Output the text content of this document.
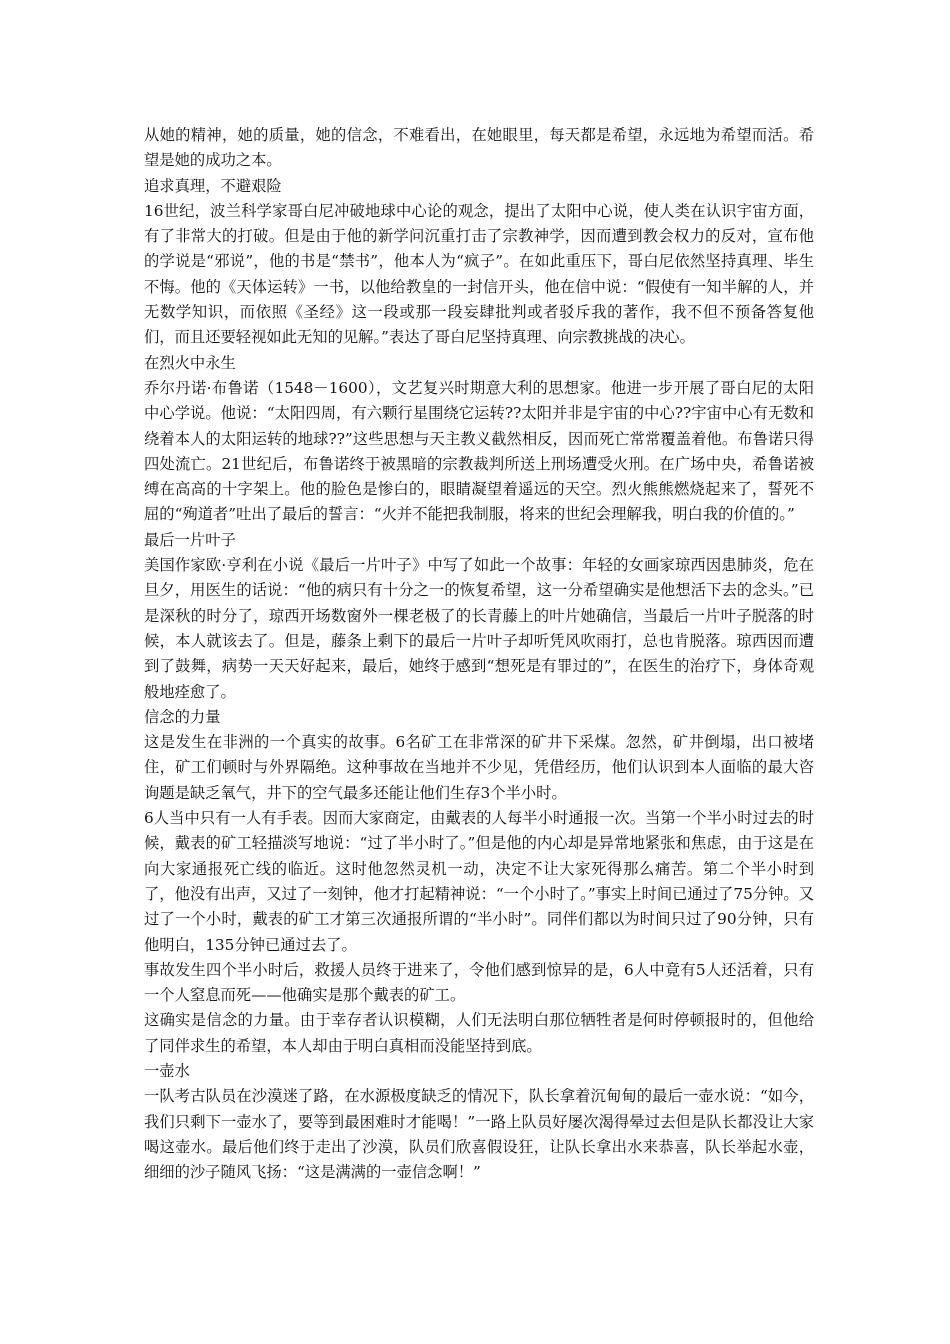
从她的精神，她的质量，她的信念，不难看出，在她眼里，每天都是希望，永远地为希望而活。希望是她的成功之本。

追求真理，不避艰险

16世纪，波兰科学家哥白尼冲破地球中心论的观念，提出了太阳中心说，使人类在认识宇宙方面，有了非常大的打破。但是由于他的新学问沉重打击了宗教神学，因而遭到教会权力的反对，宣布他的学说是“邪说”，他的书是“禁书”，他本人为“疯子”。在如此重压下，哥白尼依然坚持真理、毕生不悔。他的《天体运转》一书，以他给教皇的一封信开头，他在信中说：“假使有一知半解的人，并无数学知识，而依照《圣经》这一段或那一段妄肆批判或者驳斥我的著作，我不但不预备答复他们，而且还要轻视如此无知的见解。”表达了哥白尼坚持真理、向宗教挑战的决心。

在烈火中永生

乔尔丹诺·布鲁诺（1548－1600），文艺复兴时期意大利的思想家。他进一步开展了哥白尼的太阳中心学说。他说：“太阳四周，有六颗行星围绕它运转??太阳并非是宇宙的中心??宇宙中心有无数和绕着本人的太阳运转的地球??”这些思想与天主教义截然相反，因而死亡常常覆盖着他。布鲁诺只得四处流亡。21世纪后，布鲁诺终于被黑暗的宗教裁判所送上刑场遭受火刑。在广场中央，希鲁诺被缚在高高的十字架上。他的脸色是惨白的，眼睛凝望着遥远的天空。烈火熊熊燃烧起来了，誓死不屈的“殉道者”吐出了最后的誓言：“火并不能把我制服，将来的世纪会理解我，明白我的价值的。”

最后一片叶子

美国作家欧·亨利在小说《最后一片叶子》中写了如此一个故事：年轻的女画家琼西因患肺炎，危在旦夕，用医生的话说：“他的病只有十分之一的恢复希望，这一分希望确实是他想活下去的念头。”已是深秋的时分了，琼西开场数窗外一棵老极了的长青藤上的叶片她确信，当最后一片叶子脱落的时候，本人就该去了。但是，藤条上剩下的最后一片叶子却听凭风吹雨打，总也肯脱落。琼西因而遭到了鼓舞，病势一天天好起来，最后，她终于感到“想死是有罪过的”，在医生的治疗下，身体奇观般地痊愈了。

信念的力量

这是发生在非洲的一个真实的故事。6名矿工在非常深的矿井下采煤。忽然，矿井倒塌，出口被堵住，矿工们顿时与外界隔绝。这种事故在当地并不少见，凭借经历，他们认识到本人面临的最大咨询题是缺乏氧气，井下的空气最多还能让他们生存3个半小时。

6人当中只有一人有手表。因而大家商定，由戴表的人每半小时通报一次。当第一个半小时过去的时候，戴表的矿工轻描淡写地说：“过了半小时了。”但是他的内心却是异常地紧张和焦虑，由于这是在向大家通报死亡线的临近。这时他忽然灵机一动，决定不让大家死得那么痛苦。第二个半小时到了，他没有出声，又过了一刻钟，他才打起精神说：“一个小时了。”事实上时间已通过了75分钟。又过了一个小时，戴表的矿工才第三次通报所谓的“半小时”。同伴们都以为时间只过了90分钟，只有他明白，135分钟已通过去了。

事故发生四个半小时后，救援人员终于进来了，令他们感到惊异的是，6人中竟有5人还活着，只有一个人窒息而死——他确实是那个戴表的矿工。

这确实是信念的力量。由于幸存者认识模糊，人们无法明白那位牺牲者是何时停顿报时的，但他给了同伴求生的希望，本人却由于明白真相而没能坚持到底。

一壶水

一队考古队员在沙漠迷了路，在水源极度缺乏的情况下，队长拿着沉甸甸的最后一壶水说：“如今，我们只剩下一壶水了，要等到最困难时才能喝！”一路上队员好屡次渴得晕过去但是队长都没让大家喝这壶水。最后他们终于走出了沙漠，队员们欣喜假设狂，让队长拿出水来恭喜，队长举起水壶，细细的沙子随风飞扬：“这是满满的一壶信念啊！”
